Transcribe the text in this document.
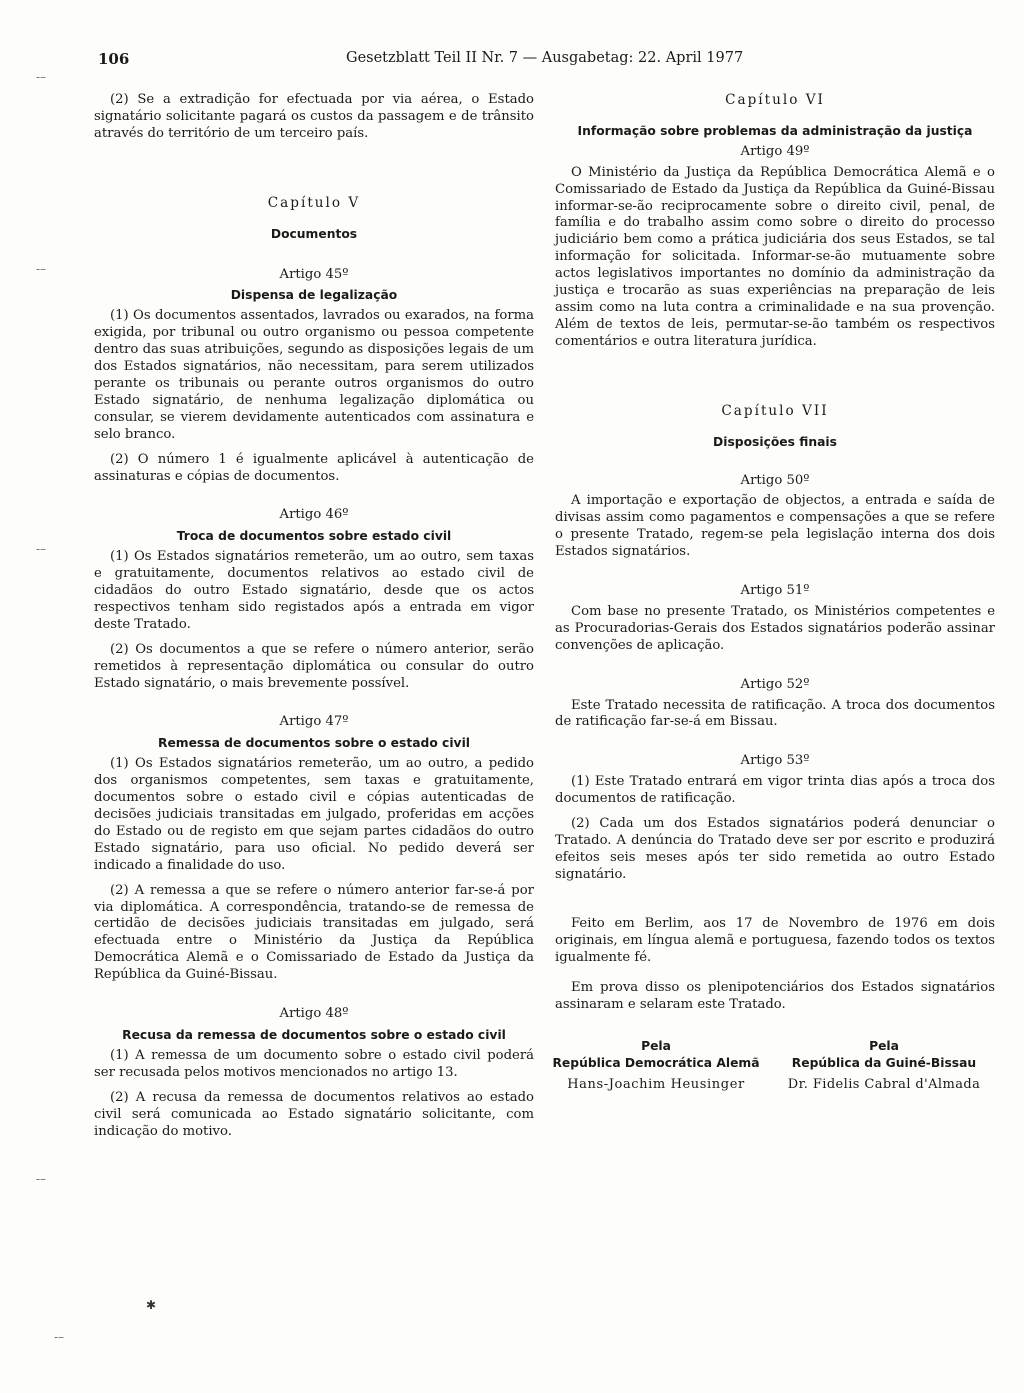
106	Gesetzblatt Teil II Nr. 7 — Ausgabetag: 22. April 1977

(2) Se a extradição for efectuada por via aérea, o Estado signatário solicitante pagará os custos da passagem e de trânsito através do território de um terceiro país.

Capítulo V
Documentos
Artigo 45º
Dispensa de legalização

(1) Os documentos assentados, lavrados ou exarados, na forma exigida, por tribunal ou outro organismo ou pessoa competente dentro das suas atribuições, segundo as disposições legais de um dos Estados signatários, não necessitam, para serem utilizados perante os tribunais ou perante outros organismos do outro Estado signatário, de nenhuma legalização diplomática ou consular, se vierem devidamente autenticados com assinatura e selo branco.

(2) O número 1 é igualmente aplicável à autenticação de assinaturas e cópias de documentos.

Artigo 46º
Troca de documentos sobre estado civil

(1) Os Estados signatários remeterão, um ao outro, sem taxas e gratuitamente, documentos relativos ao estado civil de cidadãos do outro Estado signatário, desde que os actos respectivos tenham sido registados após a entrada em vigor deste Tratado.

(2) Os documentos a que se refere o número anterior, serão remetidos à representação diplomática ou consular do outro Estado signatário, o mais brevemente possível.

Artigo 47º
Remessa de documentos sobre o estado civil

(1) Os Estados signatários remeterão, um ao outro, a pedido dos organismos competentes, sem taxas e gratuitamente, documentos sobre o estado civil e cópias autenticadas de decisões judiciais transitadas em julgado, proferidas em acções do Estado ou de registo em que sejam partes cidadãos do outro Estado signatário, para uso oficial. No pedido deverá ser indicado a finalidade do uso.

(2) A remessa a que se refere o número anterior far-se-á por via diplomática. A correspondência, tratando-se de remessa de certidão de decisões judiciais transitadas em julgado, será efectuada entre o Ministério da Justiça da República Democrática Alemã e o Comissariado de Estado da Justiça da República da Guiné-Bissau.

Artigo 48º
Recusa da remessa de documentos sobre o estado civil

(1) A remessa de um documento sobre o estado civil poderá ser recusada pelos motivos mencionados no artigo 13.

(2) A recusa da remessa de documentos relativos ao estado civil será comunicada ao Estado signatário solicitante, com indicação do motivo.

Capítulo VI
Informação sobre problemas da administração da justiça
Artigo 49º

O Ministério da Justiça da República Democrática Alemã e o Comissariado de Estado da Justiça da República da Guiné-Bissau informar-se-ão reciprocamente sobre o direito civil, penal, de família e do trabalho assim como sobre o direito do processo judiciário bem como a prática judiciária dos seus Estados, se tal informação for solicitada. Informar-se-ão mutuamente sobre actos legislativos importantes no domínio da administração da justiça e trocarão as suas experiências na preparação de leis assim como na luta contra a criminalidade e na sua provenção. Além de textos de leis, permutar-se-ão também os respectivos comentários e outra literatura jurídica.

Capítulo VII
Disposições finais
Artigo 50º

A importação e exportação de objectos, a entrada e saída de divisas assim como pagamentos e compensações a que se refere o presente Tratado, regem-se pela legislação interna dos dois Estados signatários.

Artigo 51º

Com base no presente Tratado, os Ministérios competentes e as Procuradorias-Gerais dos Estados signatários poderão assinar convenções de aplicação.

Artigo 52º

Este Tratado necessita de ratificação. A troca dos documentos de ratificação far-se-á em Bissau.

Artigo 53º

(1) Este Tratado entrará em vigor trinta dias após a troca dos documentos de ratificação.

(2) Cada um dos Estados signatários poderá denunciar o Tratado. A denúncia do Tratado deve ser por escrito e produzirá efeitos seis meses após ter sido remetida ao outro Estado signatário.

Feito em Berlim, aos 17 de Novembro de 1976 em dois originais, em língua alemã e portuguesa, fazendo todos os textos igualmente fé.

Em prova disso os plenipotenciários dos Estados signatários assinaram e selaram este Tratado.

Pela
República Democrática Alemã
Hans-Joachim Heusinger
Pela
República da Guiné-Bissau
Dr. Fidelis Cabral d'Almada
‐–
‐–
‐–
‐–
‐–
✱
